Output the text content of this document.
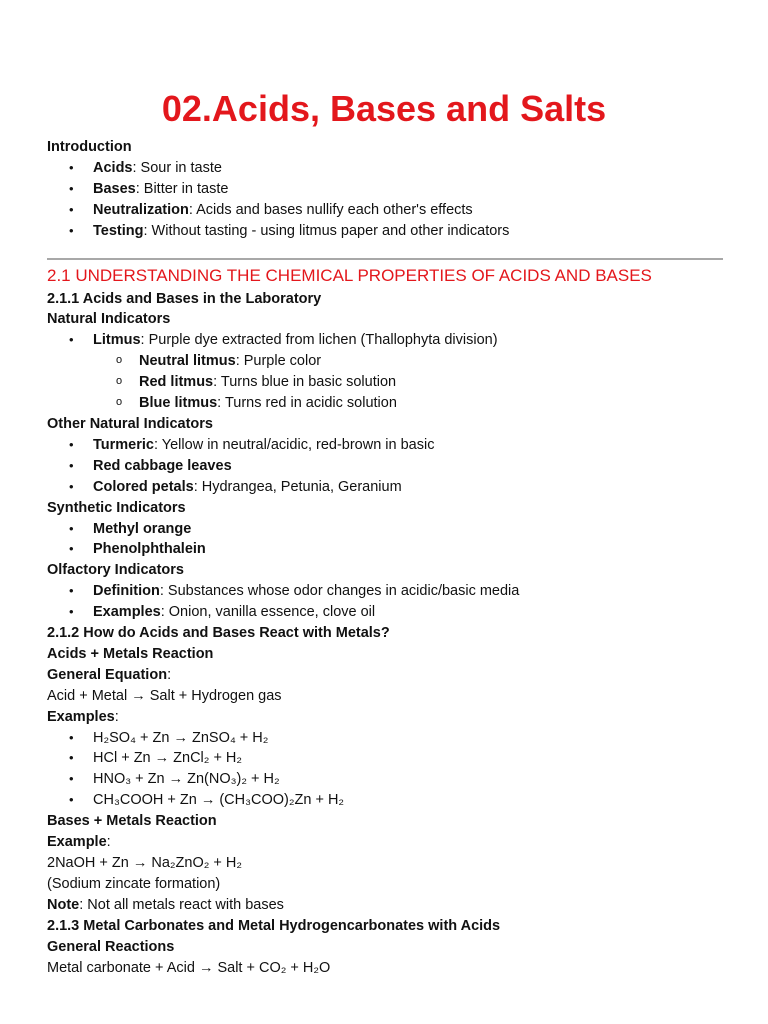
02.Acids, Bases and Salts

Introduction

• Acids: Sour in taste
• Bases: Bitter in taste
• Neutralization: Acids and bases nullify each other's effects
• Testing: Without tasting - using litmus paper and other indicators
2.1 UNDERSTANDING THE CHEMICAL PROPERTIES OF ACIDS AND BASES

2.1.1 Acids and Bases in the Laboratory

Natural Indicators

• Litmus: Purple dye extracted from lichen (Thallophyta division)
o Neutral litmus: Purple color
o Red litmus: Turns blue in basic solution
o Blue litmus: Turns red in acidic solution

Other Natural Indicators

• Turmeric: Yellow in neutral/acidic, red-brown in basic
• Red cabbage leaves
• Colored petals: Hydrangea, Petunia, Geranium

Synthetic Indicators

• Methyl orange
• Phenolphthalein

Olfactory Indicators

• Definition: Substances whose odor changes in acidic/basic media
• Examples: Onion, vanilla essence, clove oil

2.1.2 How do Acids and Bases React with Metals?

Acids + Metals Reaction

General Equation:

Acid + Metal → Salt + Hydrogen gas

Examples:

• H₂SO₄ + Zn → ZnSO₄ + H₂
• HCl + Zn → ZnCl₂ + H₂
• HNO₃ + Zn → Zn(NO₃)₂ + H₂
• CH₃COOH + Zn → (CH₃COO)₂Zn + H₂

Bases + Metals Reaction

Example:

2NaOH + Zn → Na₂ZnO₂ + H₂

(Sodium zincate formation)

Note: Not all metals react with bases

2.1.3 Metal Carbonates and Metal Hydrogencarbonates with Acids

General Reactions

Metal carbonate + Acid → Salt + CO₂ + H₂O
